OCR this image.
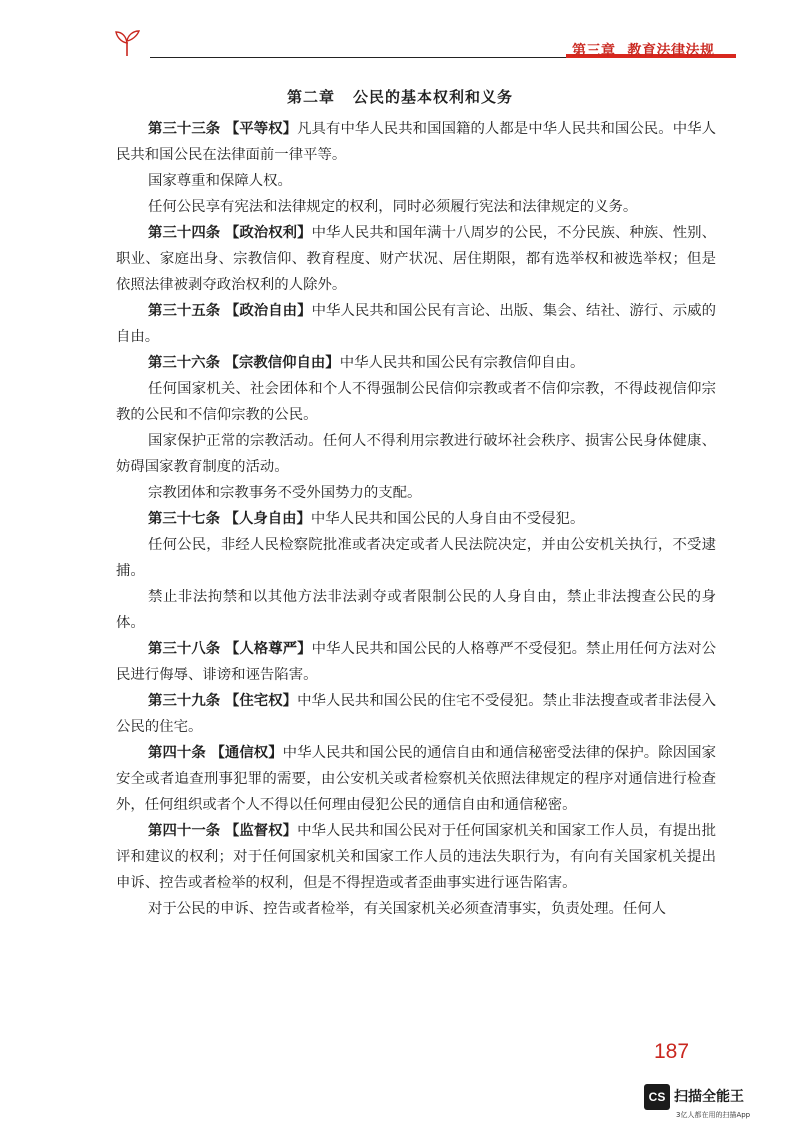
第三章 教育法律法规
第二章 公民的基本权利和义务

第三十三条 【平等权】凡具有中华人民共和国国籍的人都是中华人民共和国公民。中华人民共和国公民在法律面前一律平等。

国家尊重和保障人权。

任何公民享有宪法和法律规定的权利，同时必须履行宪法和法律规定的义务。

第三十四条 【政治权利】中华人民共和国年满十八周岁的公民，不分民族、种族、性别、职业、家庭出身、宗教信仰、教育程度、财产状况、居住期限，都有选举权和被选举权；但是依照法律被剥夺政治权利的人除外。

第三十五条 【政治自由】中华人民共和国公民有言论、出版、集会、结社、游行、示威的自由。

第三十六条 【宗教信仰自由】中华人民共和国公民有宗教信仰自由。

任何国家机关、社会团体和个人不得强制公民信仰宗教或者不信仰宗教，不得歧视信仰宗教的公民和不信仰宗教的公民。

国家保护正常的宗教活动。任何人不得利用宗教进行破坏社会秩序、损害公民身体健康、妨碍国家教育制度的活动。

宗教团体和宗教事务不受外国势力的支配。

第三十七条 【人身自由】中华人民共和国公民的人身自由不受侵犯。

任何公民，非经人民检察院批准或者决定或者人民法院决定，并由公安机关执行，不受逮捕。

禁止非法拘禁和以其他方法非法剥夺或者限制公民的人身自由，禁止非法搜查公民的身体。

第三十八条 【人格尊严】中华人民共和国公民的人格尊严不受侵犯。禁止用任何方法对公民进行侮辱、诽谤和诬告陷害。

第三十九条 【住宅权】中华人民共和国公民的住宅不受侵犯。禁止非法搜查或者非法侵入公民的住宅。

第四十条 【通信权】中华人民共和国公民的通信自由和通信秘密受法律的保护。除因国家安全或者追查刑事犯罪的需要，由公安机关或者检察机关依照法律规定的程序对通信进行检查外，任何组织或者个人不得以任何理由侵犯公民的通信自由和通信秘密。

第四十一条 【监督权】中华人民共和国公民对于任何国家机关和国家工作人员，有提出批评和建议的权利；对于任何国家机关和国家工作人员的违法失职行为，有向有关国家机关提出申诉、控告或者检举的权利，但是不得捏造或者歪曲事实进行诬告陷害。

对于公民的申诉、控告或者检举，有关国家机关必须查清事实，负责处理。任何人

187
CS 扫描全能王
3亿人都在用的扫描App
